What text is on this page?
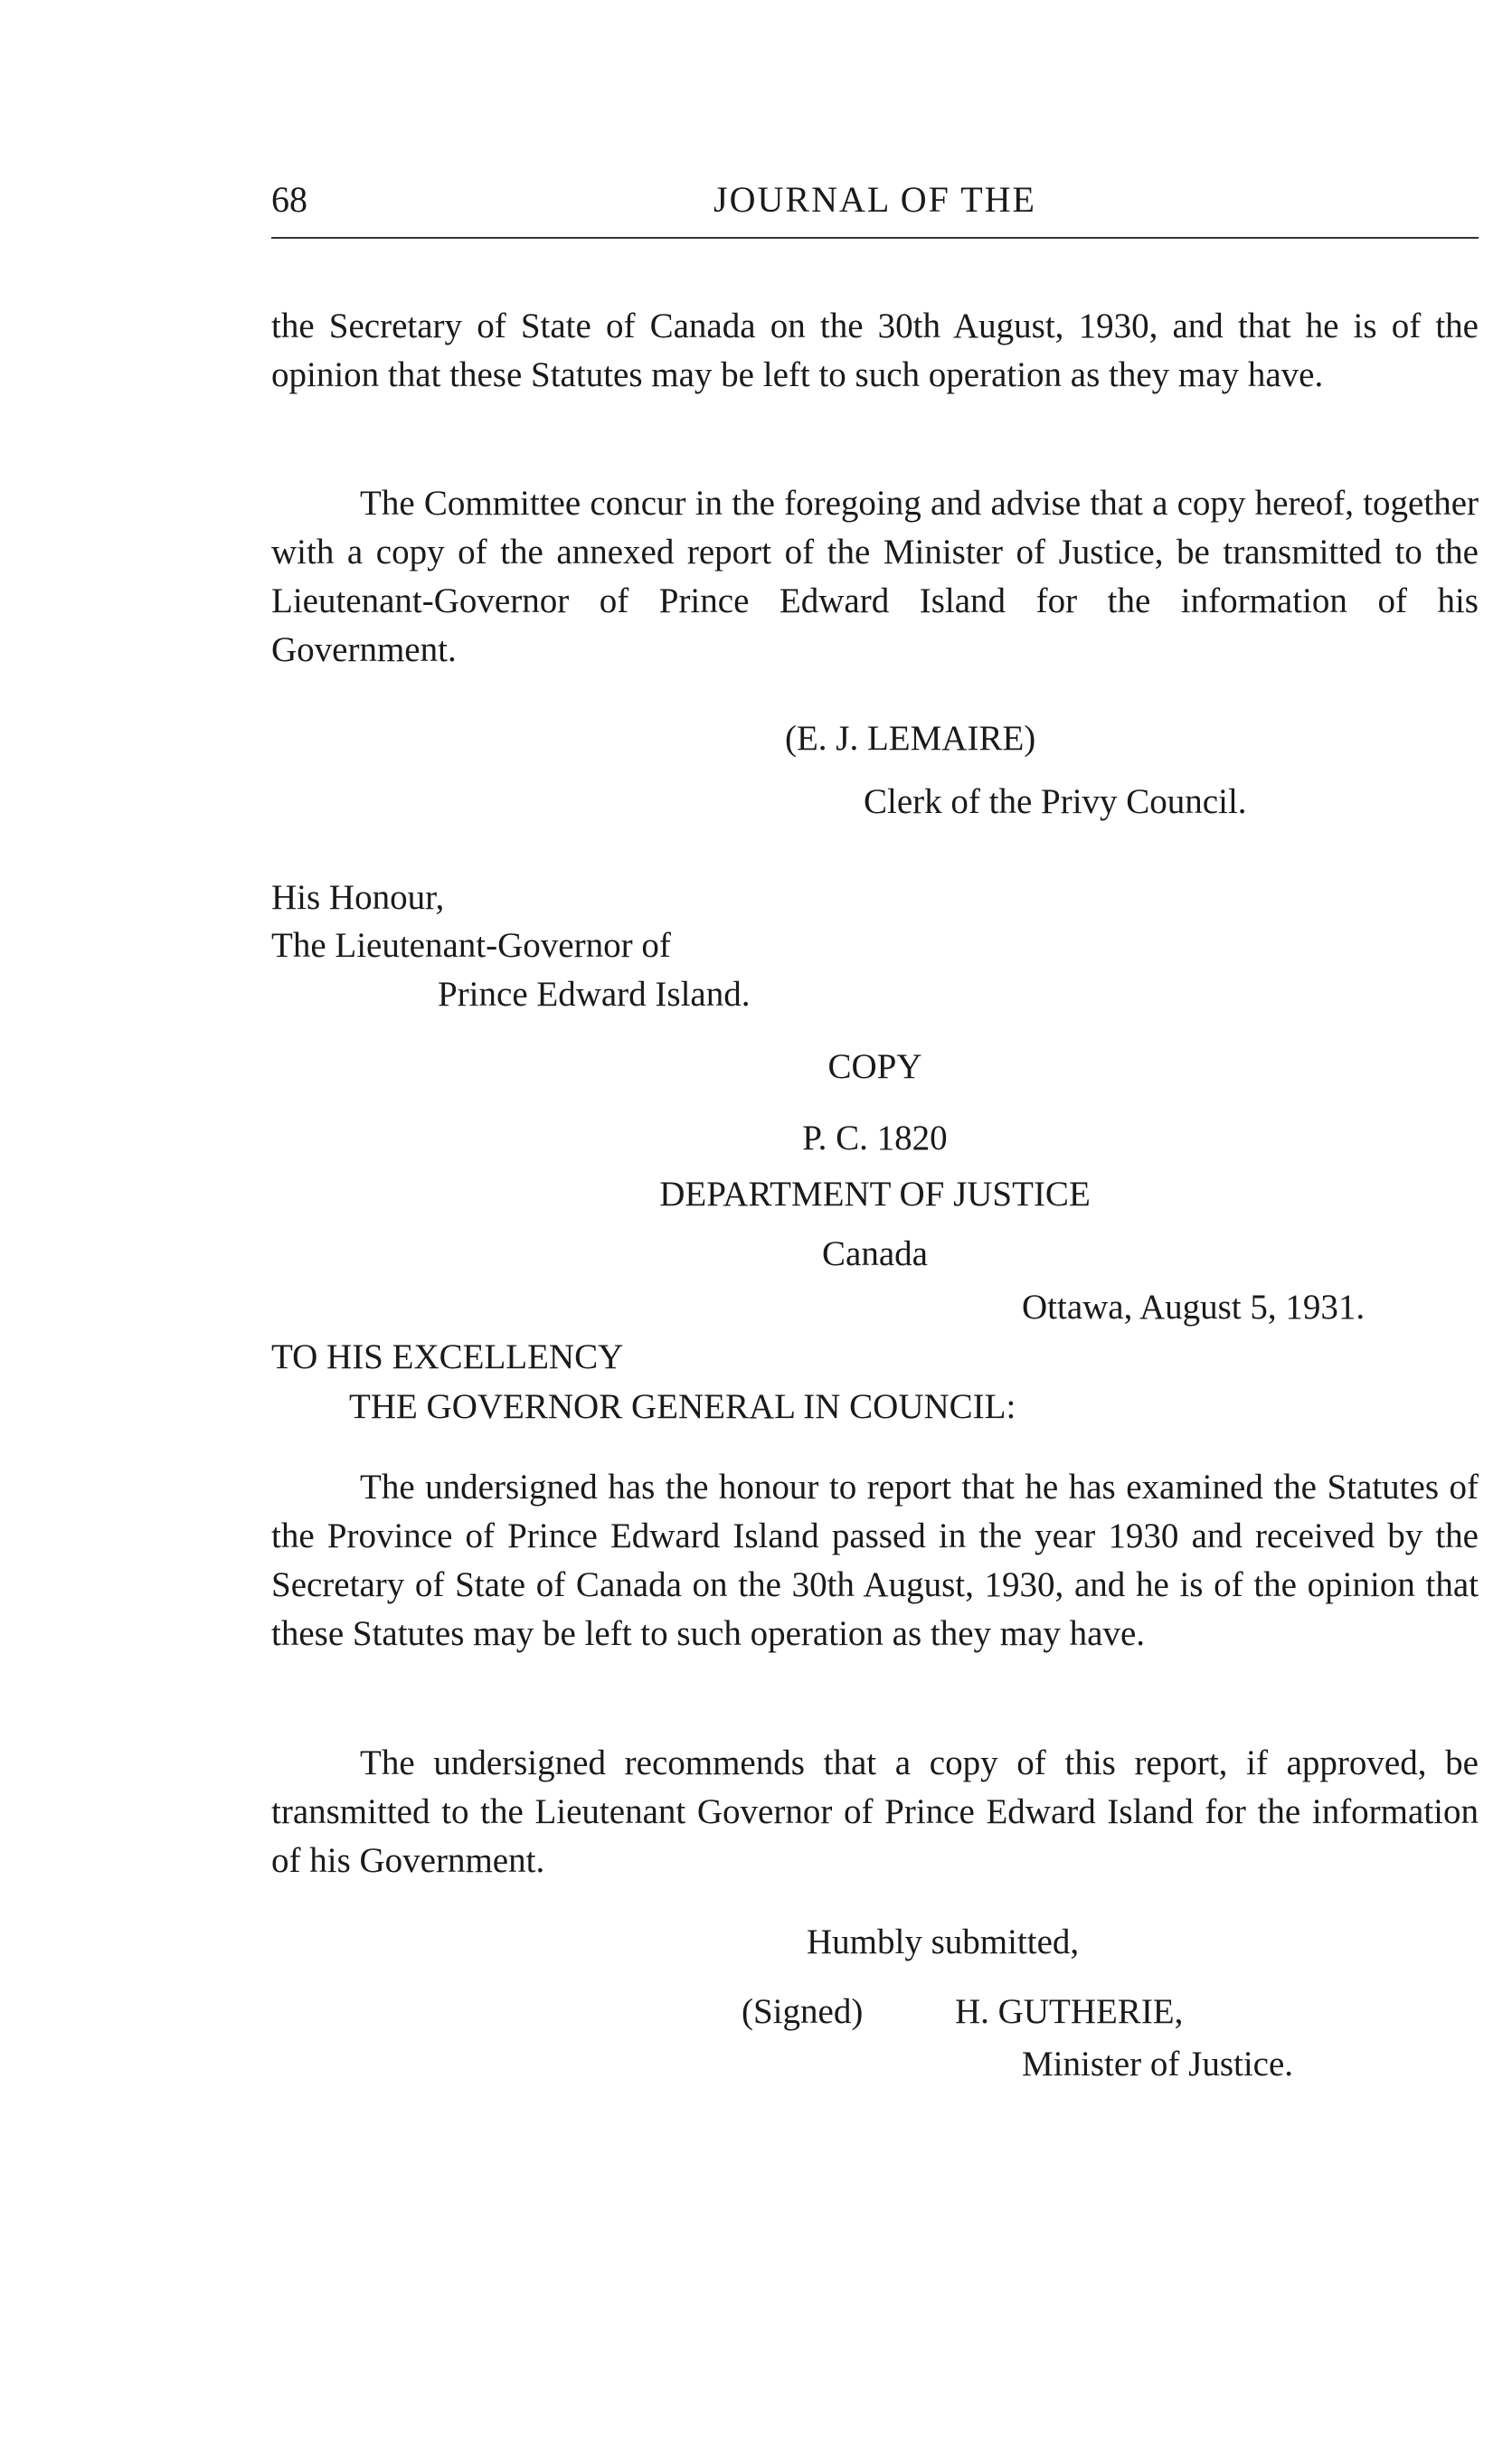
68	JOURNAL OF THE

the Secretary of State of Canada on the 30th August, 1930, and that he is of the opinion that these Statutes may be left to such operation as they may have.

The Committee concur in the foregoing and advise that a copy hereof, together with a copy of the annexed report of the Minister of Justice, be transmitted to the Lieutenant-Governor of Prince Edward Island for the information of his Government.

(E. J. LEMAIRE)
Clerk of the Privy Council.
His Honour,
The Lieutenant-Governor of
Prince Edward Island.
COPY
P. C. 1820
DEPARTMENT OF JUSTICE
Canada
Ottawa, August 5, 1931.
TO HIS EXCELLENCY
THE GOVERNOR GENERAL IN COUNCIL:

The undersigned has the honour to report that he has examined the Statutes of the Province of Prince Edward Island passed in the year 1930 and received by the Secretary of State of Canada on the 30th August, 1930, and he is of the opinion that these Statutes may be left to such operation as they may have.

The undersigned recommends that a copy of this report, if approved, be transmitted to the Lieutenant Governor of Prince Edward Island for the information of his Government.

Humbly submitted,
(Signed)	H. GUTHERIE,
Minister of Justice.
